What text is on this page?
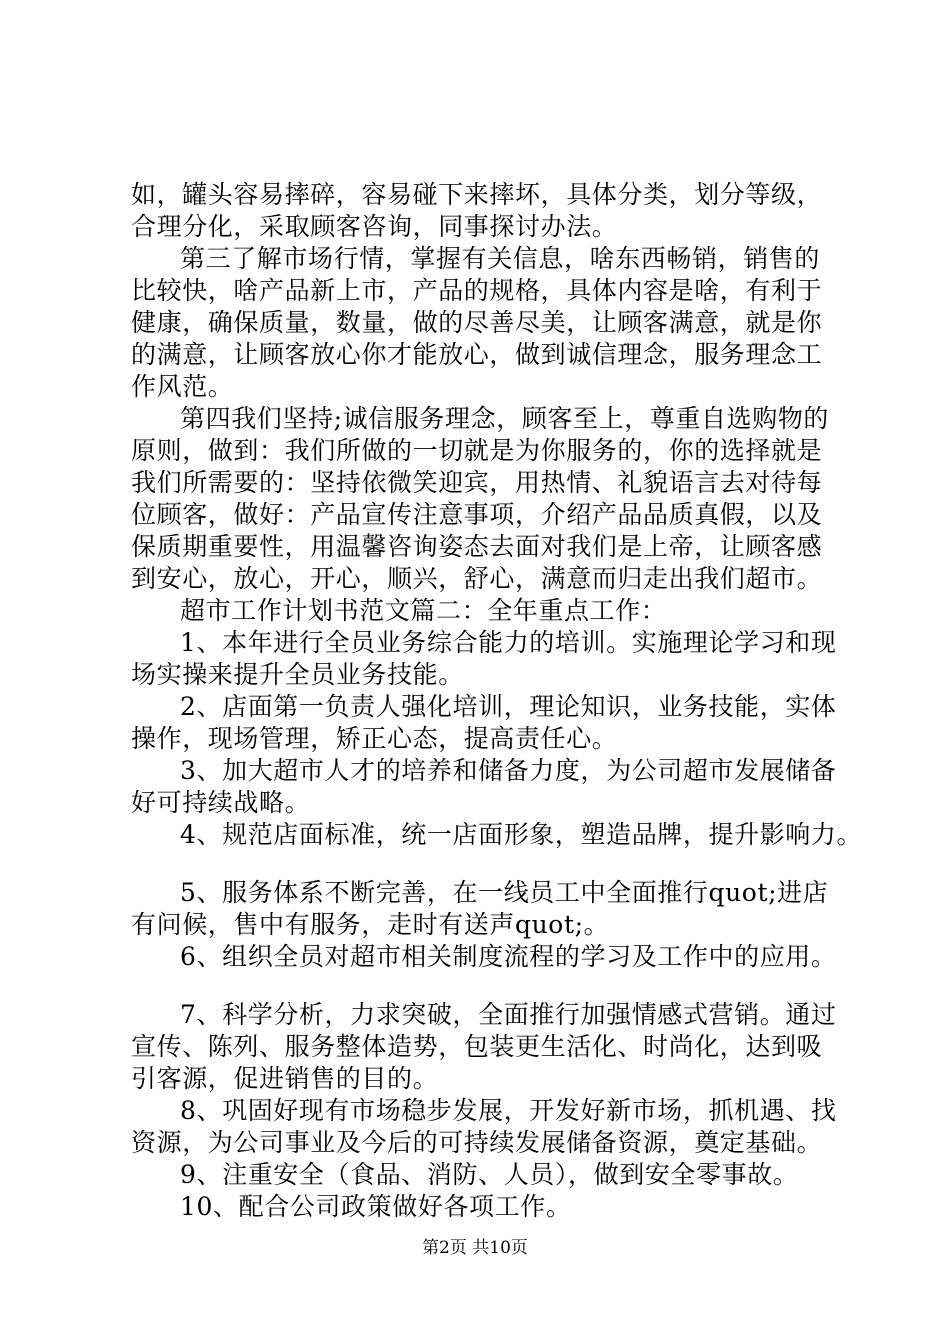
如，罐头容易摔碎，容易碰下来摔坏，具体分类，划分等级，
合理分化，采取顾客咨询，同事探讨办法。
第三了解市场行情，掌握有关信息，啥东西畅销，销售的
比较快，啥产品新上市，产品的规格，具体内容是啥，有利于
健康，确保质量，数量，做的尽善尽美，让顾客满意，就是你
的满意，让顾客放心你才能放心，做到诚信理念，服务理念工
作风范。
第四我们坚持;诚信服务理念，顾客至上，尊重自选购物的
原则，做到：我们所做的一切就是为你服务的，你的选择就是
我们所需要的：坚持依微笑迎宾，用热情、礼貌语言去对待每
位顾客，做好：产品宣传注意事项，介绍产品品质真假，以及
保质期重要性，用温馨咨询姿态去面对我们是上帝，让顾客感
到安心，放心，开心，顺兴，舒心，满意而归走出我们超市。
超市工作计划书范文篇二：全年重点工作：
1、本年进行全员业务综合能力的培训。实施理论学习和现
场实操来提升全员业务技能。
2、店面第一负责人强化培训，理论知识，业务技能，实体
操作，现场管理，矫正心态，提高责任心。
3、加大超市人才的培养和储备力度，为公司超市发展储备
好可持续战略。
4、规范店面标准，统一店面形象，塑造品牌，提升影响力。
5、服务体系不断完善，在一线员工中全面推行quot;进店
有问候，售中有服务，走时有送声quot;。
6、组织全员对超市相关制度流程的学习及工作中的应用。
7、科学分析，力求突破，全面推行加强情感式营销。通过
宣传、陈列、服务整体造势，包装更生活化、时尚化，达到吸
引客源，促进销售的目的。
8、巩固好现有市场稳步发展，开发好新市场，抓机遇、找
资源，为公司事业及今后的可持续发展储备资源，奠定基础。
9、注重安全（食品、消防、人员），做到安全零事故。
10、配合公司政策做好各项工作。
第2页 共10页
